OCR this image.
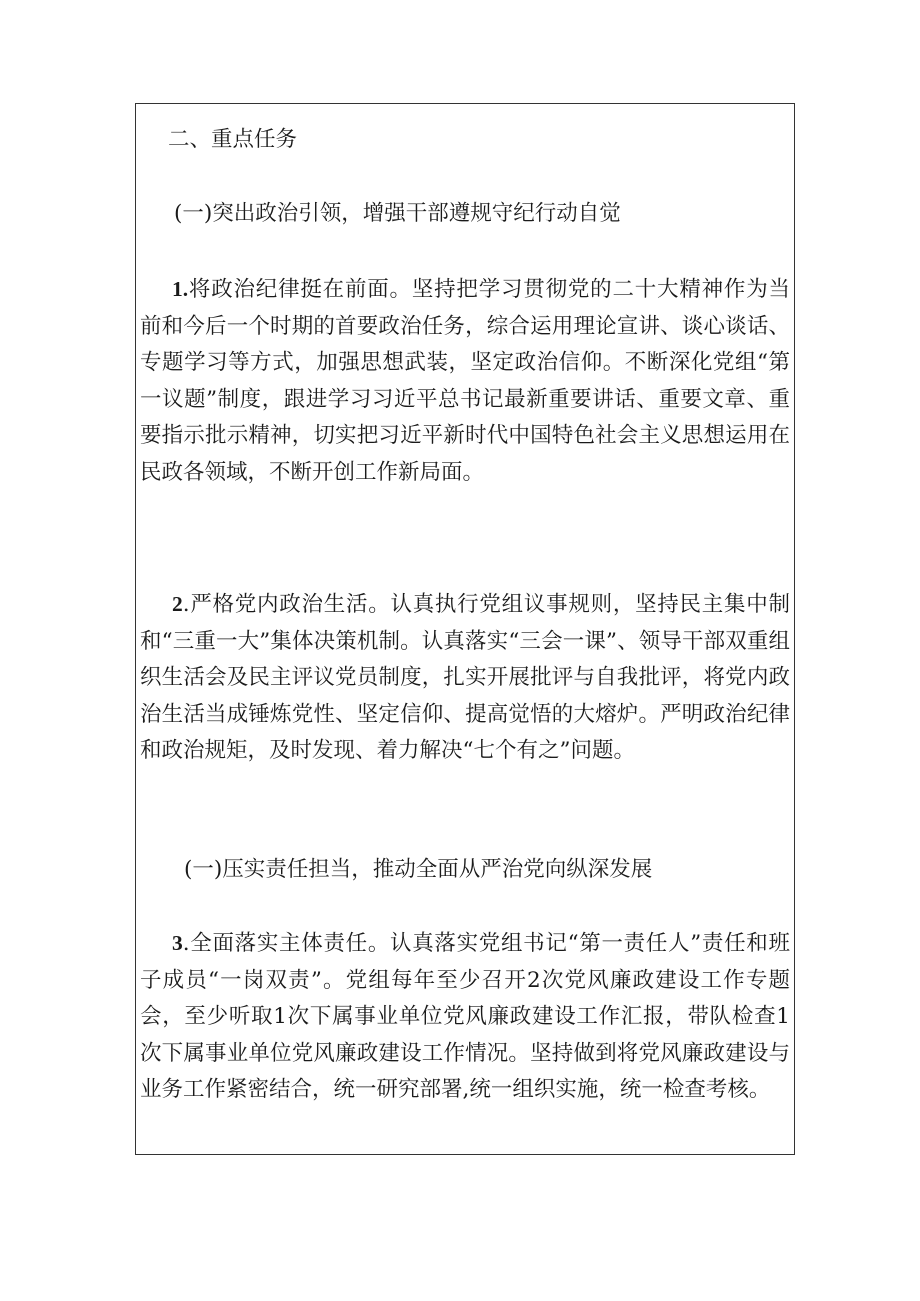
二、重点任务

(一)突出政治引领，增强干部遵规守纪行动自觉

1.将政治纪律挺在前面。坚持把学习贯彻党的二十大精神作为当前和今后一个时期的首要政治任务，综合运用理论宣讲、谈心谈话、专题学习等方式，加强思想武装，坚定政治信仰。不断深化党组“第一议题”制度，跟进学习习近平总书记最新重要讲话、重要文章、重要指示批示精神，切实把习近平新时代中国特色社会主义思想运用在民政各领域，不断开创工作新局面。

2.严格党内政治生活。认真执行党组议事规则，坚持民主集中制和“三重一大”集体决策机制。认真落实“三会一课”、领导干部双重组织生活会及民主评议党员制度，扎实开展批评与自我批评，将党内政治生活当成锤炼党性、坚定信仰、提高觉悟的大熔炉。严明政治纪律和政治规矩，及时发现、着力解决“七个有之”问题。

(一)压实责任担当，推动全面从严治党向纵深发展

3.全面落实主体责任。认真落实党组书记“第一责任人”责任和班子成员“一岗双责”。党组每年至少召开2次党风廉政建设工作专题会，至少听取1次下属事业单位党风廉政建设工作汇报，带队检查1次下属事业单位党风廉政建设工作情况。坚持做到将党风廉政建设与业务工作紧密结合，统一研究部署,统一组织实施，统一检查考核。
